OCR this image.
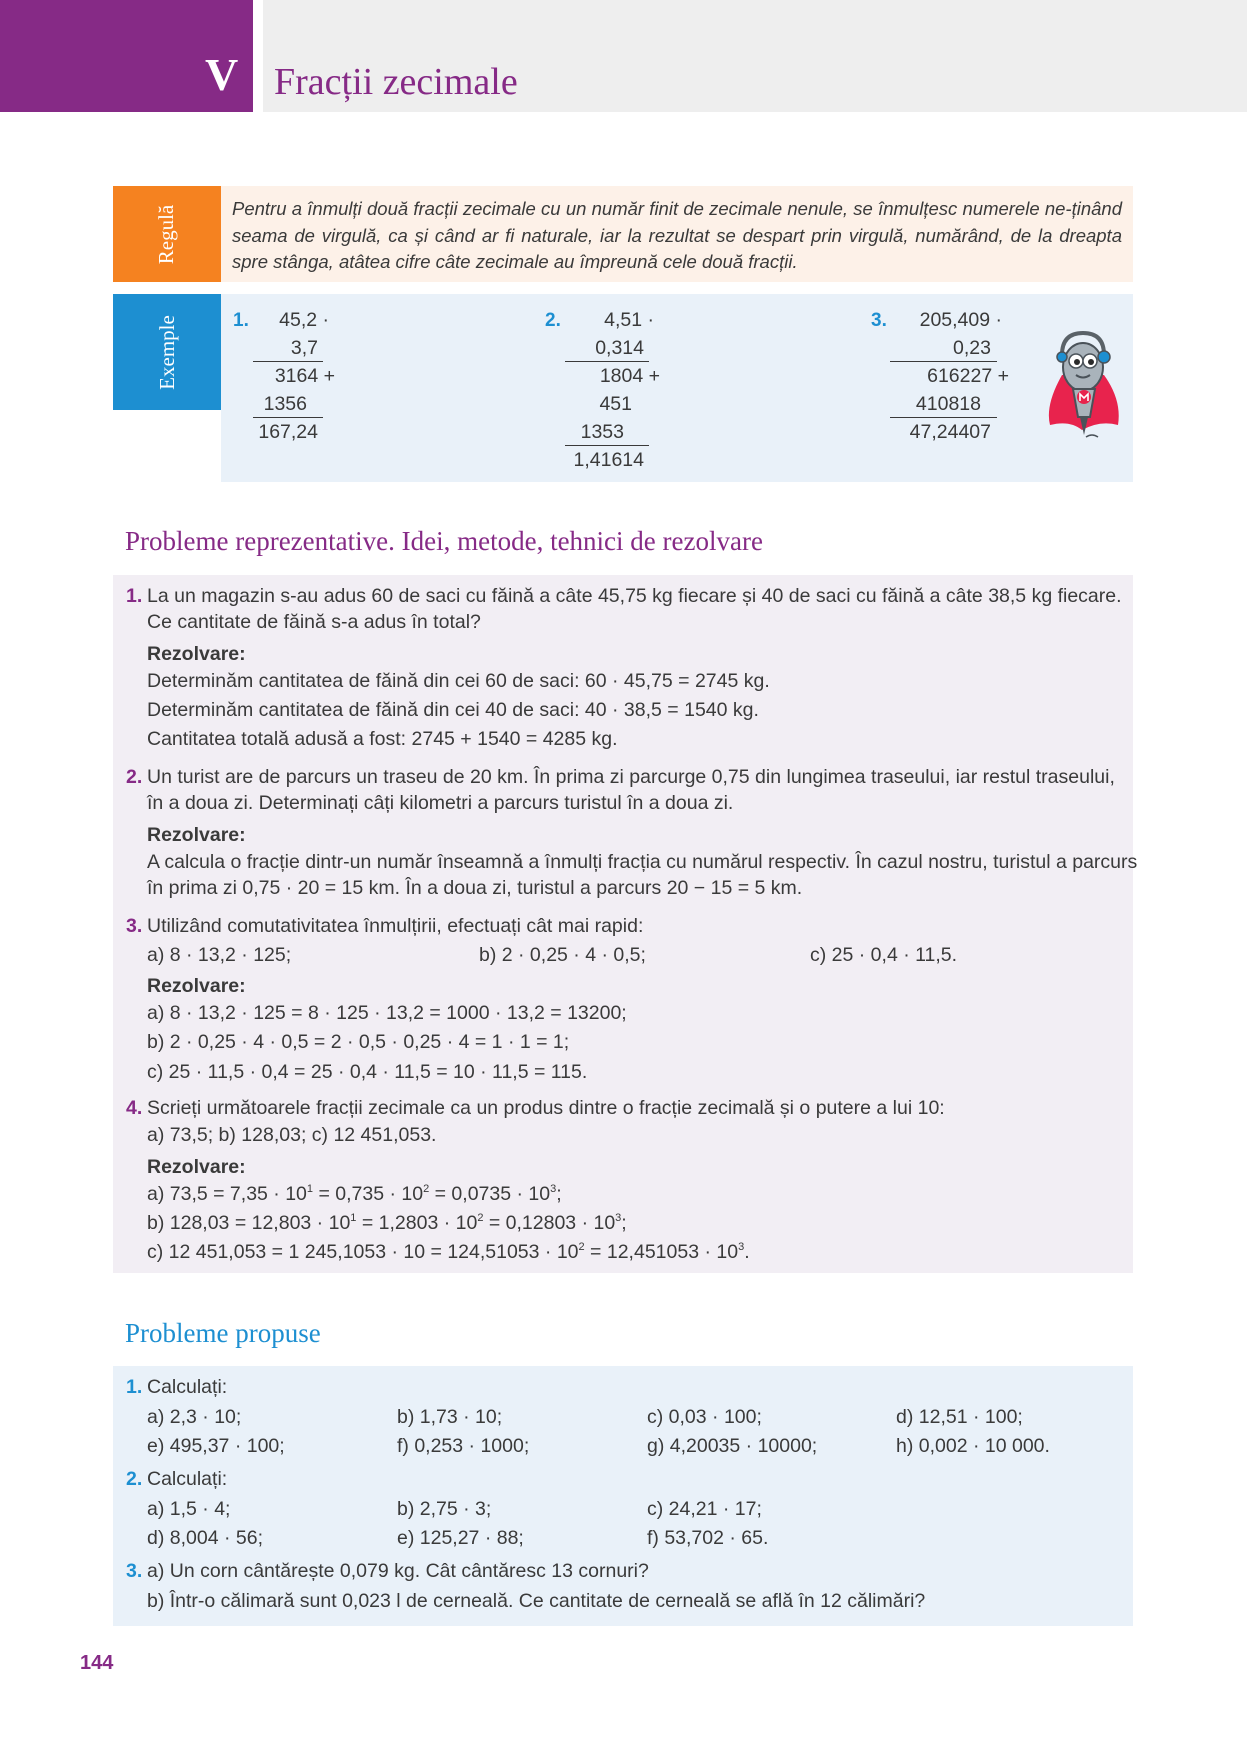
V Fracții zecimale
Regulă	Pentru a înmulți două fracții zecimale cu un număr finit de zecimale nenule, se înmulțesc numerele ne-ținând seama de virgulă, ca și când ar fi naturale, iar la rezultat se despart prin virgulă, numărând, de la dreapta spre stânga, atâtea cifre câte zecimale au împreună cele două fracții.
Exemple	1. 45,2 ·
3,7
3164 +
1356
167,24
2. 4,51 ·
0,314
1804 +
451
1353
1,41614
3. 205,409 ·
0,23
616227 +
410818
47,24407
Probleme reprezentative. Idei, metode, tehnici de rezolvare
1. La un magazin s-au adus 60 de saci cu făină a câte 45,75 kg fiecare și 40 de saci cu făină a câte 38,5 kg fiecare.
Ce cantitate de făină s-a adus în total?
Rezolvare:
Determinăm cantitatea de făină din cei 60 de saci: 60 · 45,75 = 2745 kg.
Determinăm cantitatea de făină din cei 40 de saci: 40 · 38,5 = 1540 kg.
Cantitatea totală adusă a fost: 2745 + 1540 = 4285 kg.
2. Un turist are de parcurs un traseu de 20 km. În prima zi parcurge 0,75 din lungimea traseului, iar restul traseului,
în a doua zi. Determinați câți kilometri a parcurs turistul în a doua zi.
Rezolvare:
A calcula o fracție dintr-un număr înseamnă a înmulți fracția cu numărul respectiv. În cazul nostru, turistul a parcurs
în prima zi 0,75 · 20 = 15 km. În a doua zi, turistul a parcurs 20 − 15 = 5 km.
3. Utilizând comutativitatea înmulțirii, efectuați cât mai rapid:
a) 8 · 13,2 · 125;	b) 2 · 0,25 · 4 · 0,5;	c) 25 · 0,4 · 11,5.
Rezolvare:
a) 8 · 13,2 · 125 = 8 · 125 · 13,2 = 1000 · 13,2 = 13200;
b) 2 · 0,25 · 4 · 0,5 = 2 · 0,5 · 0,25 · 4 = 1 · 1 = 1;
c) 25 · 11,5 · 0,4 = 25 · 0,4 · 11,5 = 10 · 11,5 = 115.
4. Scrieți următoarele fracții zecimale ca un produs dintre o fracție zecimală și o putere a lui 10:
a) 73,5; b) 128,03; c) 12 451,053.
Rezolvare:
a) $73,5 = 7,35 \cdot 10^1 = 0,735 \cdot 10^2 = 0,0735 \cdot 10^3$;
b) $128,03 = 12,803 \cdot 10^1 = 1,2803 \cdot 10^2 = 0,12803 \cdot 10^3$;
c) 12 451,053 = 1 $245,1053 \cdot 10 = 124,51053 \cdot 10^2 = 12,451053 \cdot 10^3$.
Probleme propuse
1. Calculați:
a) 2,3 · 10;	b) 1,73 · 10;	c) 0,03 · 100;	d) 12,51 · 100;
e) 495,37 · 100;	f) 0,253 · 1000;	g) 4,20035 · 10000;	h) 0,002 · 10 000.
2. Calculați:
a) 1,5 · 4;	b) 2,75 · 3;	c) 24,21 · 17;
d) 8,004 · 56;	e) 125,27 · 88;	f) 53,702 · 65.
3. a) Un corn cântărește 0,079 kg. Cât cântăresc 13 cornuri?
b) Într-o călimară sunt 0,023 l de cerneală. Ce cantitate de cerneală se află în 12 călimări?
144
